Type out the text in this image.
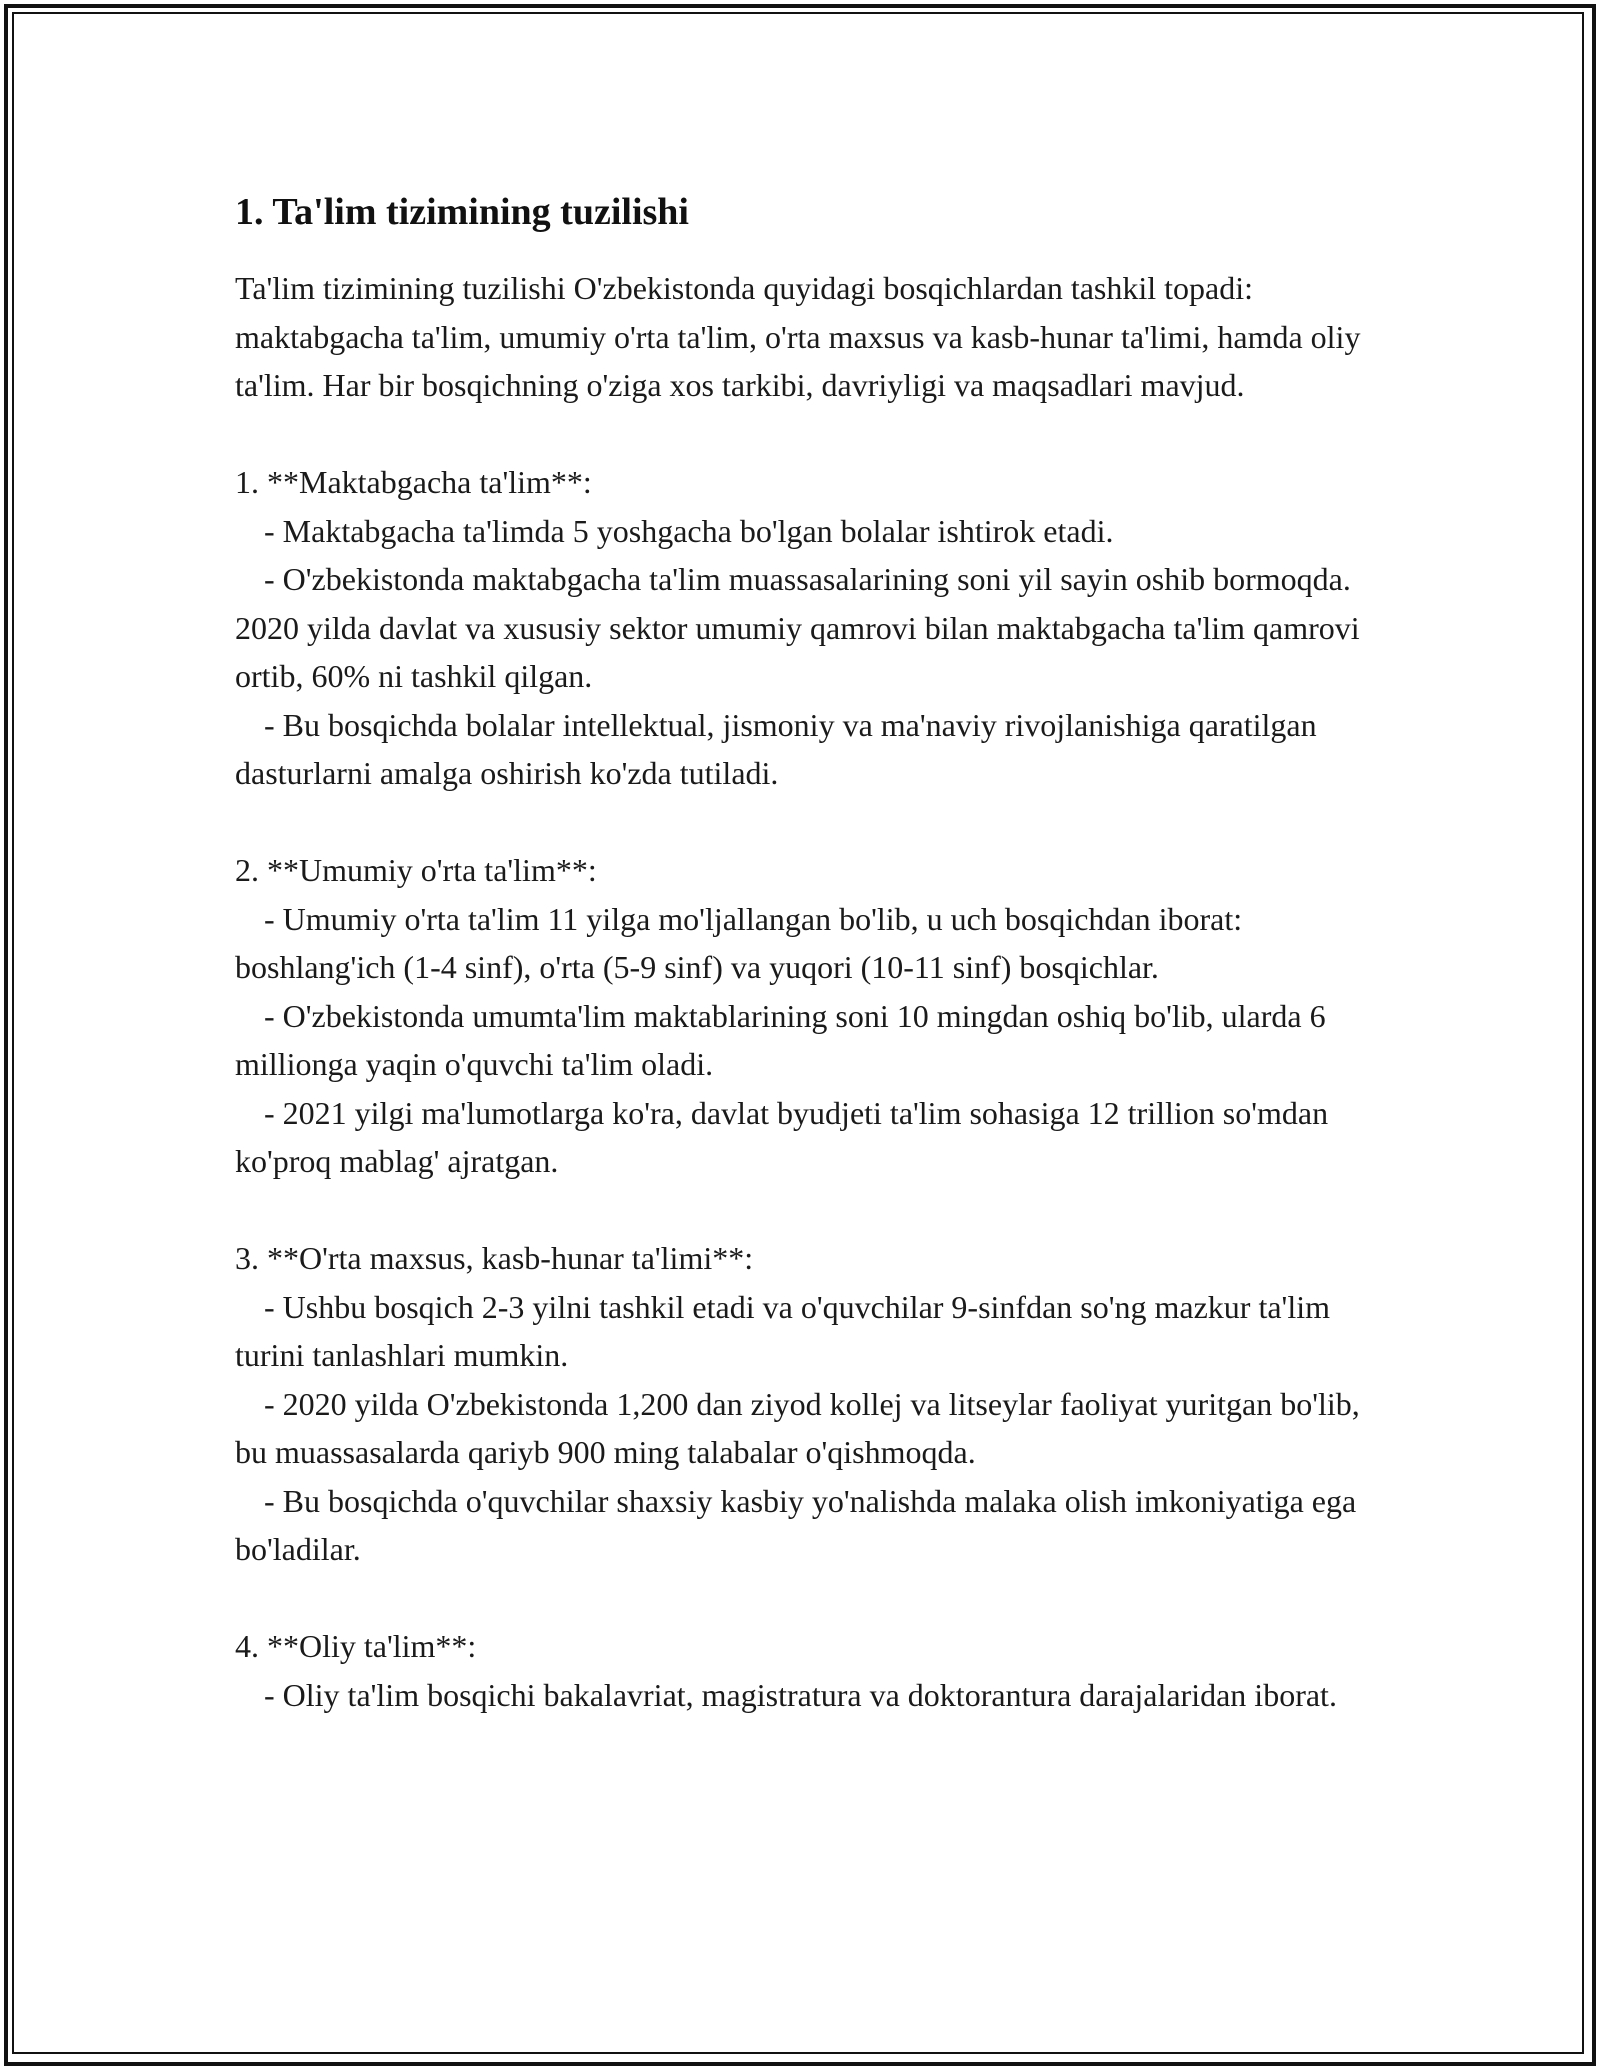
1. Ta'lim tizimining tuzilishi

Ta'lim tizimining tuzilishi O'zbekistonda quyidagi bosqichlardan tashkil topadi: maktabgacha ta'lim, umumiy o'rta ta'lim, o'rta maxsus va kasb-hunar ta'limi, hamda oliy ta'lim. Har bir bosqichning o'ziga xos tarkibi, davriyligi va maqsadlari mavjud.

1. **Maktabgacha ta'lim**:

- Maktabgacha ta'limda 5 yoshgacha bo'lgan bolalar ishtirok etadi.

- O'zbekistonda maktabgacha ta'lim muassasalarining soni yil sayin oshib bormoqda. 2020 yilda davlat va xususiy sektor umumiy qamrovi bilan maktabgacha ta'lim qamrovi ortib, 60% ni tashkil qilgan.

- Bu bosqichda bolalar intellektual, jismoniy va ma'naviy rivojlanishiga qaratilgan dasturlarni amalga oshirish ko'zda tutiladi.

2. **Umumiy o'rta ta'lim**:

- Umumiy o'rta ta'lim 11 yilga mo'ljallangan bo'lib, u uch bosqichdan iborat: boshlang'ich (1-4 sinf), o'rta (5-9 sinf) va yuqori (10-11 sinf) bosqichlar.

- O'zbekistonda umumta'lim maktablarining soni 10 mingdan oshiq bo'lib, ularda 6 millionga yaqin o'quvchi ta'lim oladi.

- 2021 yilgi ma'lumotlarga ko'ra, davlat byudjeti ta'lim sohasiga 12 trillion so'mdan ko'proq mablag' ajratgan.

3. **O'rta maxsus, kasb-hunar ta'limi**:

- Ushbu bosqich 2-3 yilni tashkil etadi va o'quvchilar 9-sinfdan so'ng mazkur ta'lim turini tanlashlari mumkin.

- 2020 yilda O'zbekistonda 1,200 dan ziyod kollej va litseylar faoliyat yuritgan bo'lib, bu muassasalarda qariyb 900 ming talabalar o'qishmoqda.

- Bu bosqichda o'quvchilar shaxsiy kasbiy yo'nalishda malaka olish imkoniyatiga ega bo'ladilar.

4. **Oliy ta'lim**:

- Oliy ta'lim bosqichi bakalavriat, magistratura va doktorantura darajalaridan iborat.
